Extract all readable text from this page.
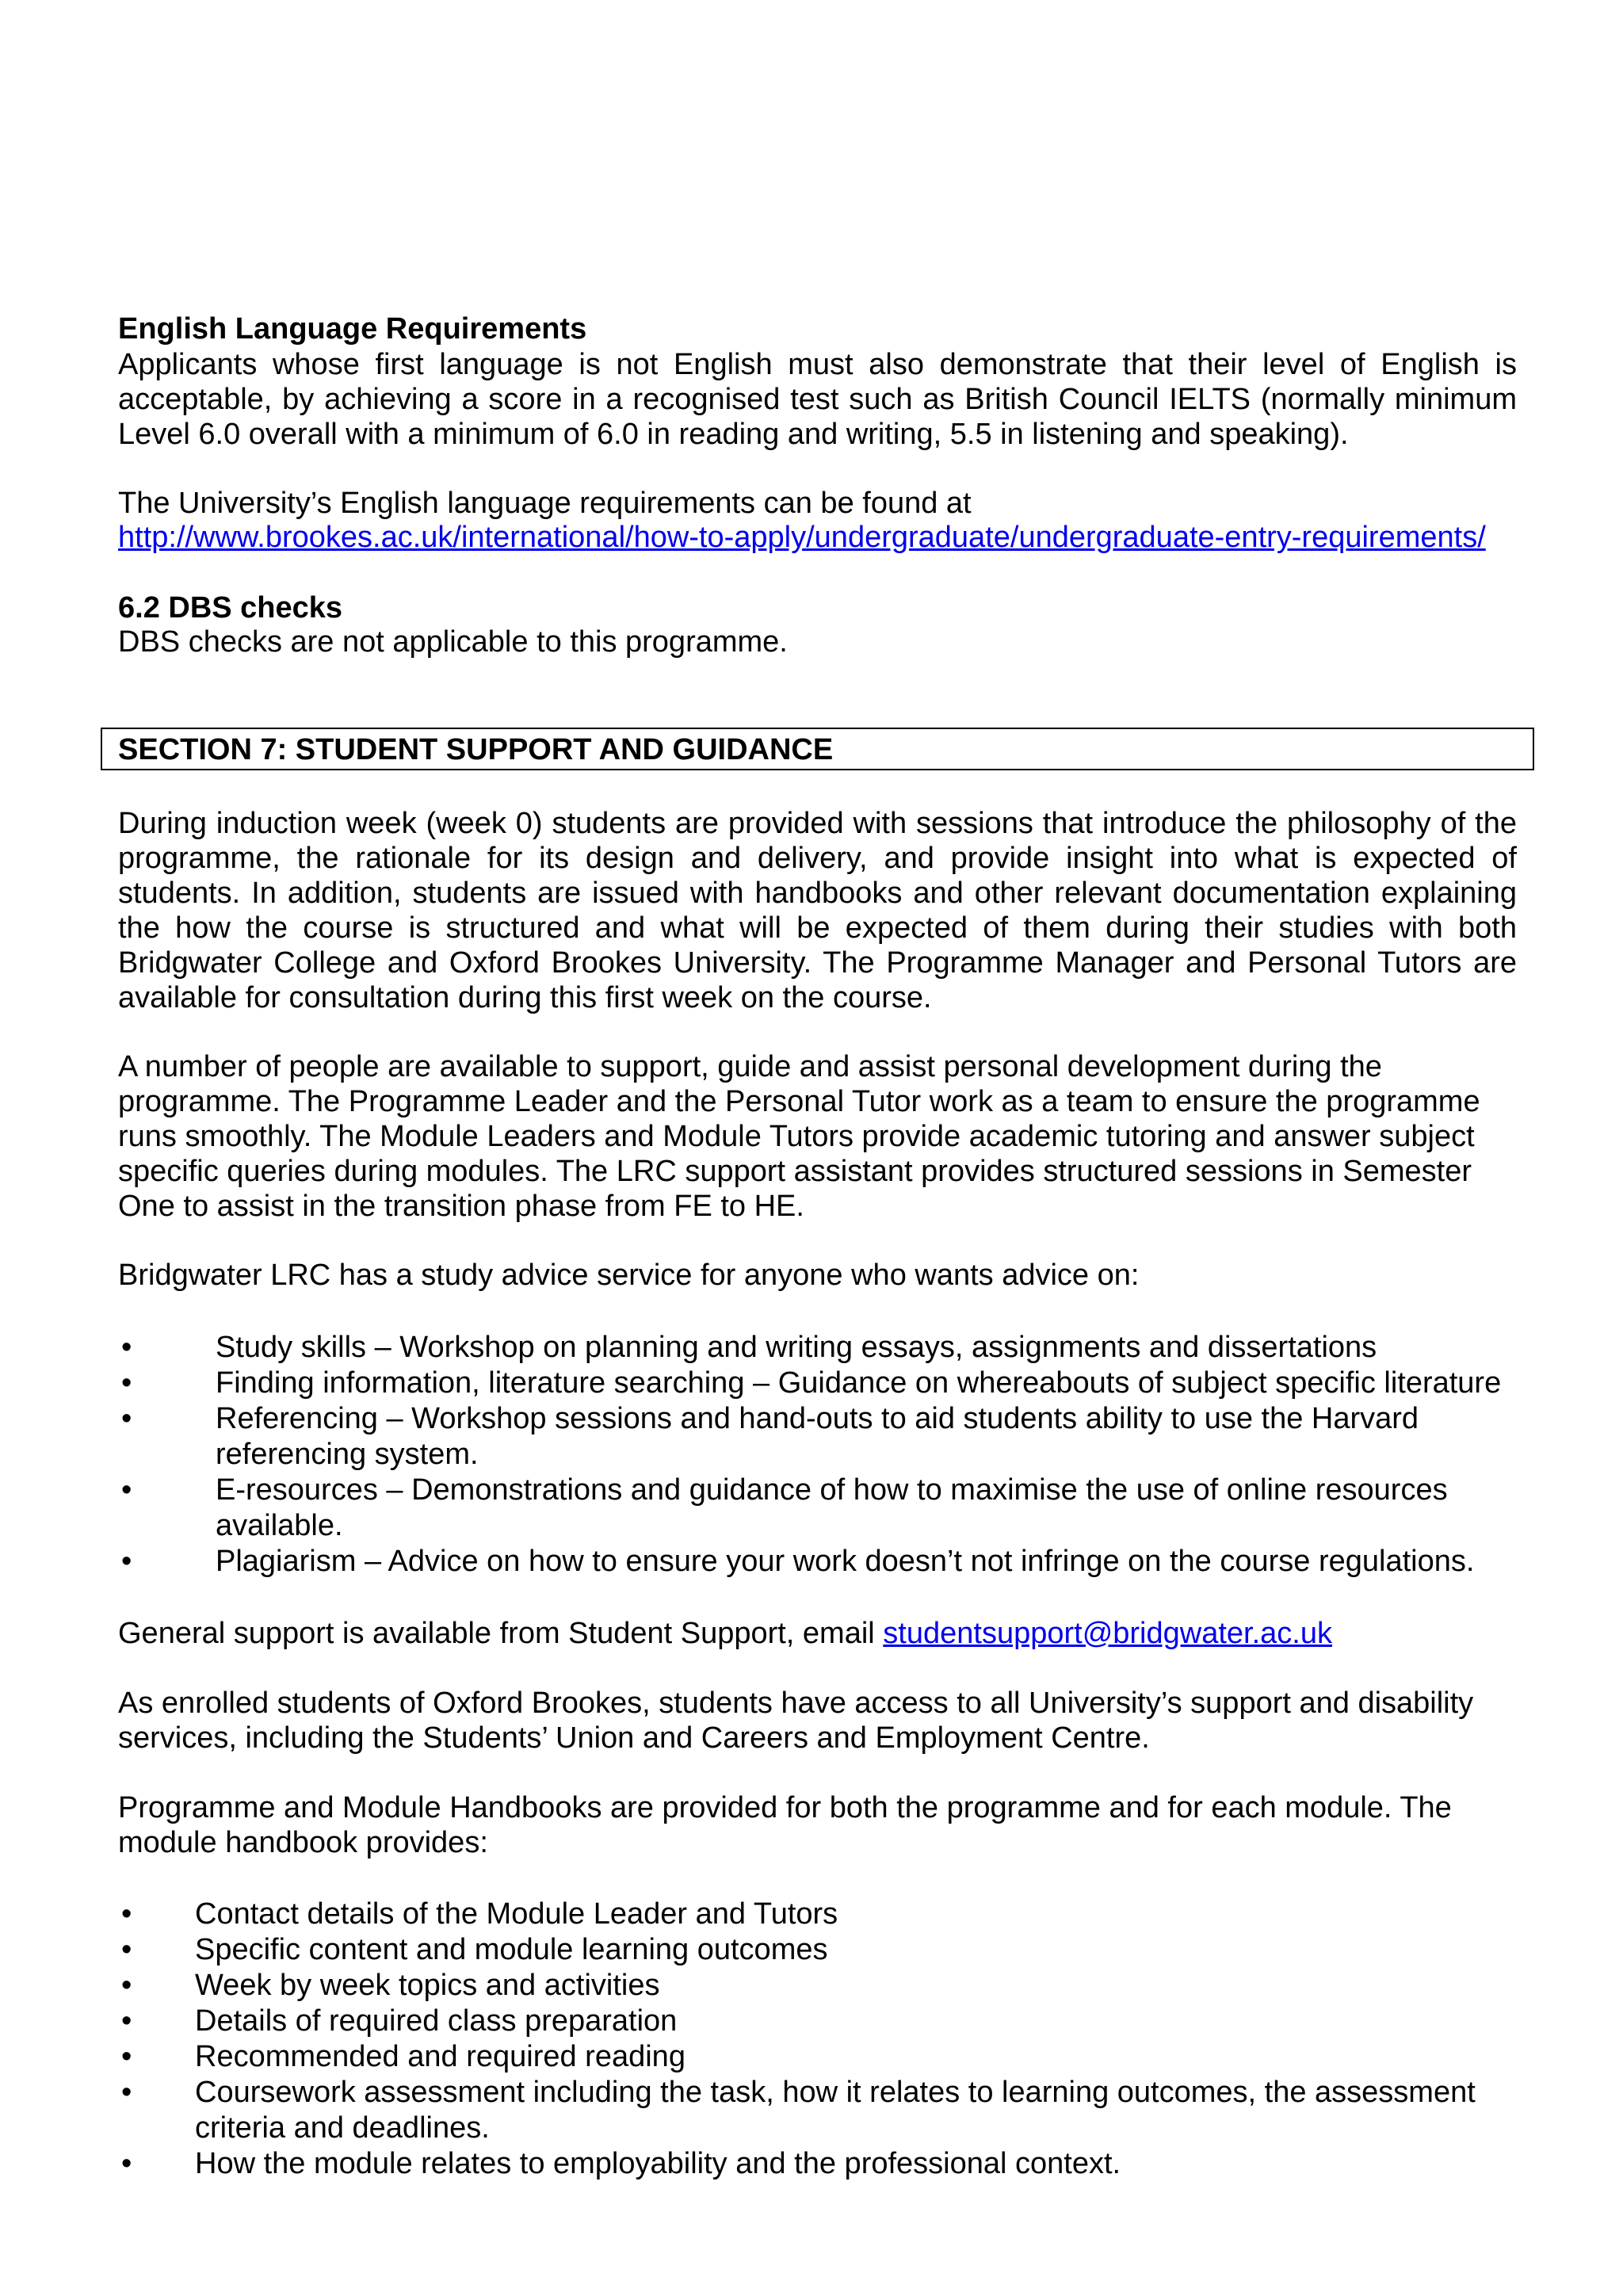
English Language Requirements
Applicants whose first language is not English must also demonstrate that their level of English is acceptable, by achieving a score in a recognised test such as British Council IELTS (normally minimum Level 6.0 overall with a minimum of 6.0 in reading and writing, 5.5 in listening and speaking).
The University’s English language requirements can be found at
http://www.brookes.ac.uk/international/how-to-apply/undergraduate/undergraduate-entry-requirements/
6.2 DBS checks
DBS checks are not applicable to this programme.
SECTION 7: STUDENT SUPPORT AND GUIDANCE
During induction week (week 0) students are provided with sessions that introduce the philosophy of the programme, the rationale for its design and delivery, and provide insight into what is expected of students. In addition, students are issued with handbooks and other relevant documentation explaining the how the course is structured and what will be expected of them during their studies with both Bridgwater College and Oxford Brookes University. The Programme Manager and Personal Tutors are available for consultation during this first week on the course.
A number of people are available to support, guide and assist personal development during the programme. The Programme Leader and the Personal Tutor work as a team to ensure the programme runs smoothly. The Module Leaders and Module Tutors provide academic tutoring and answer subject specific queries during modules. The LRC support assistant provides structured sessions in Semester One to assist in the transition phase from FE to HE.
Bridgwater LRC has a study advice service for anyone who wants advice on:
•	Study skills – Workshop on planning and writing essays, assignments and dissertations
•	Finding information, literature searching – Guidance on whereabouts of subject specific literature
•	Referencing – Workshop sessions and hand-outs to aid students ability to use the Harvard referencing system.
•	E-resources – Demonstrations and guidance of how to maximise the use of online resources available.
•	Plagiarism – Advice on how to ensure your work doesn’t not infringe on the course regulations.
General support is available from Student Support, email studentsupport@bridgwater.ac.uk
As enrolled students of Oxford Brookes, students have access to all University’s support and disability services, including the Students’ Union and Careers and Employment Centre.
Programme and Module Handbooks are provided for both the programme and for each module. The module handbook provides:
• Contact details of the Module Leader and Tutors
• Specific content and module learning outcomes
• Week by week topics and activities
• Details of required class preparation
• Recommended and required reading
• Coursework assessment including the task, how it relates to learning outcomes, the assessment criteria and deadlines.
• How the module relates to employability and the professional context.
